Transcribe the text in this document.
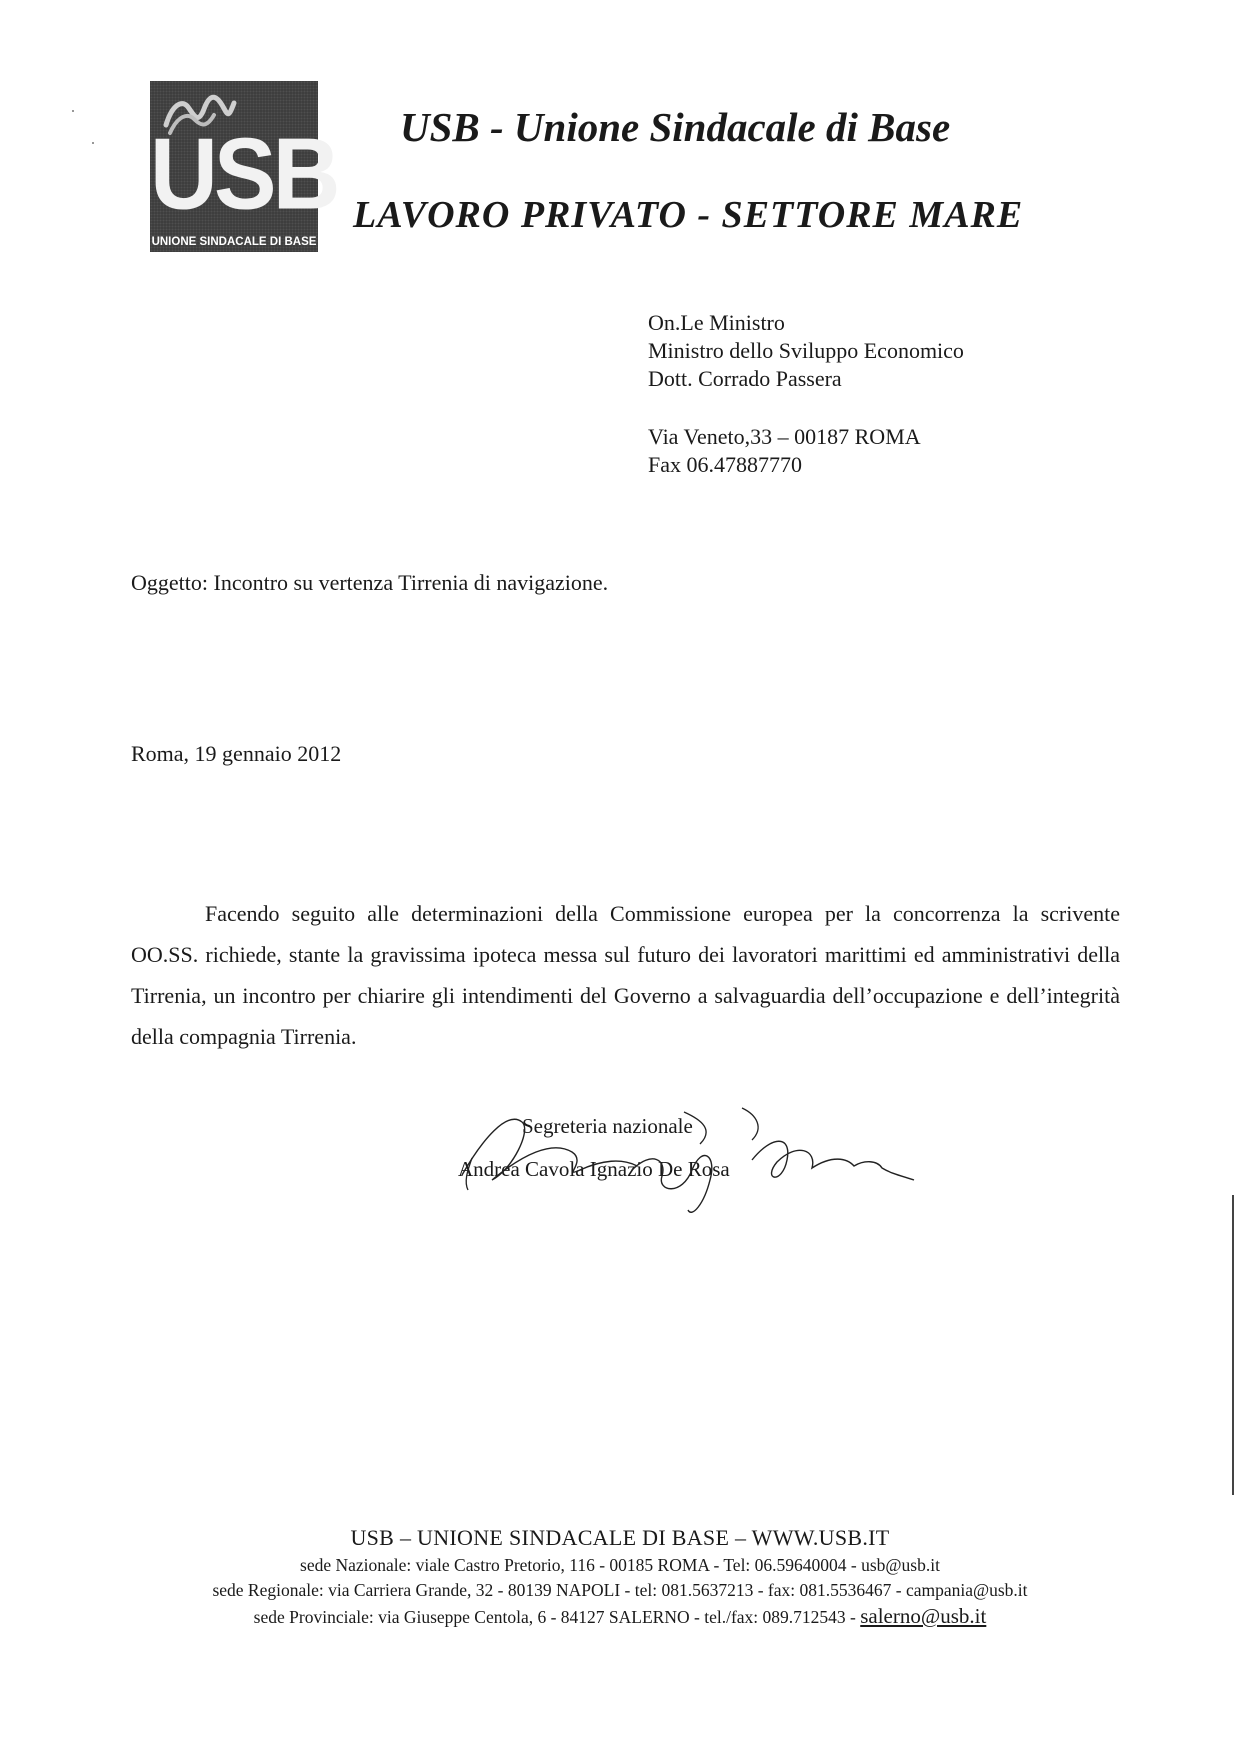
USB
UNIONE SINDACALE DI BASE
USB - Unione Sindacale di Base
LAVORO PRIVATO - SETTORE MARE
On.Le Ministro
Ministro dello Sviluppo Economico
Dott. Corrado Passera
Via Veneto,33 – 00187 ROMA
Fax 06.47887770
Oggetto: Incontro su vertenza Tirrenia di navigazione.
Roma, 19 gennaio 2012
Facendo seguito alle determinazioni della Commissione europea per la concorrenza la scrivente OO.SS. richiede, stante la gravissima ipoteca messa sul futuro dei lavoratori marittimi ed amministrativi della Tirrenia, un incontro per chiarire gli intendimenti del Governo a salvaguardia dell’occupazione e dell’integrità della compagnia Tirrenia.
Segreteria nazionale
Andrea Cavola Ignazio De Rosa
USB – UNIONE SINDACALE DI BASE – WWW.USB.IT
sede Nazionale: viale Castro Pretorio, 116 - 00185 ROMA - Tel: 06.59640004 - usb@usb.it
sede Regionale: via Carriera Grande, 32 - 80139 NAPOLI - tel: 081.5637213 - fax: 081.5536467 - campania@usb.it
sede Provinciale: via Giuseppe Centola, 6 - 84127 SALERNO - tel./fax: 089.712543 - salerno@usb.it
